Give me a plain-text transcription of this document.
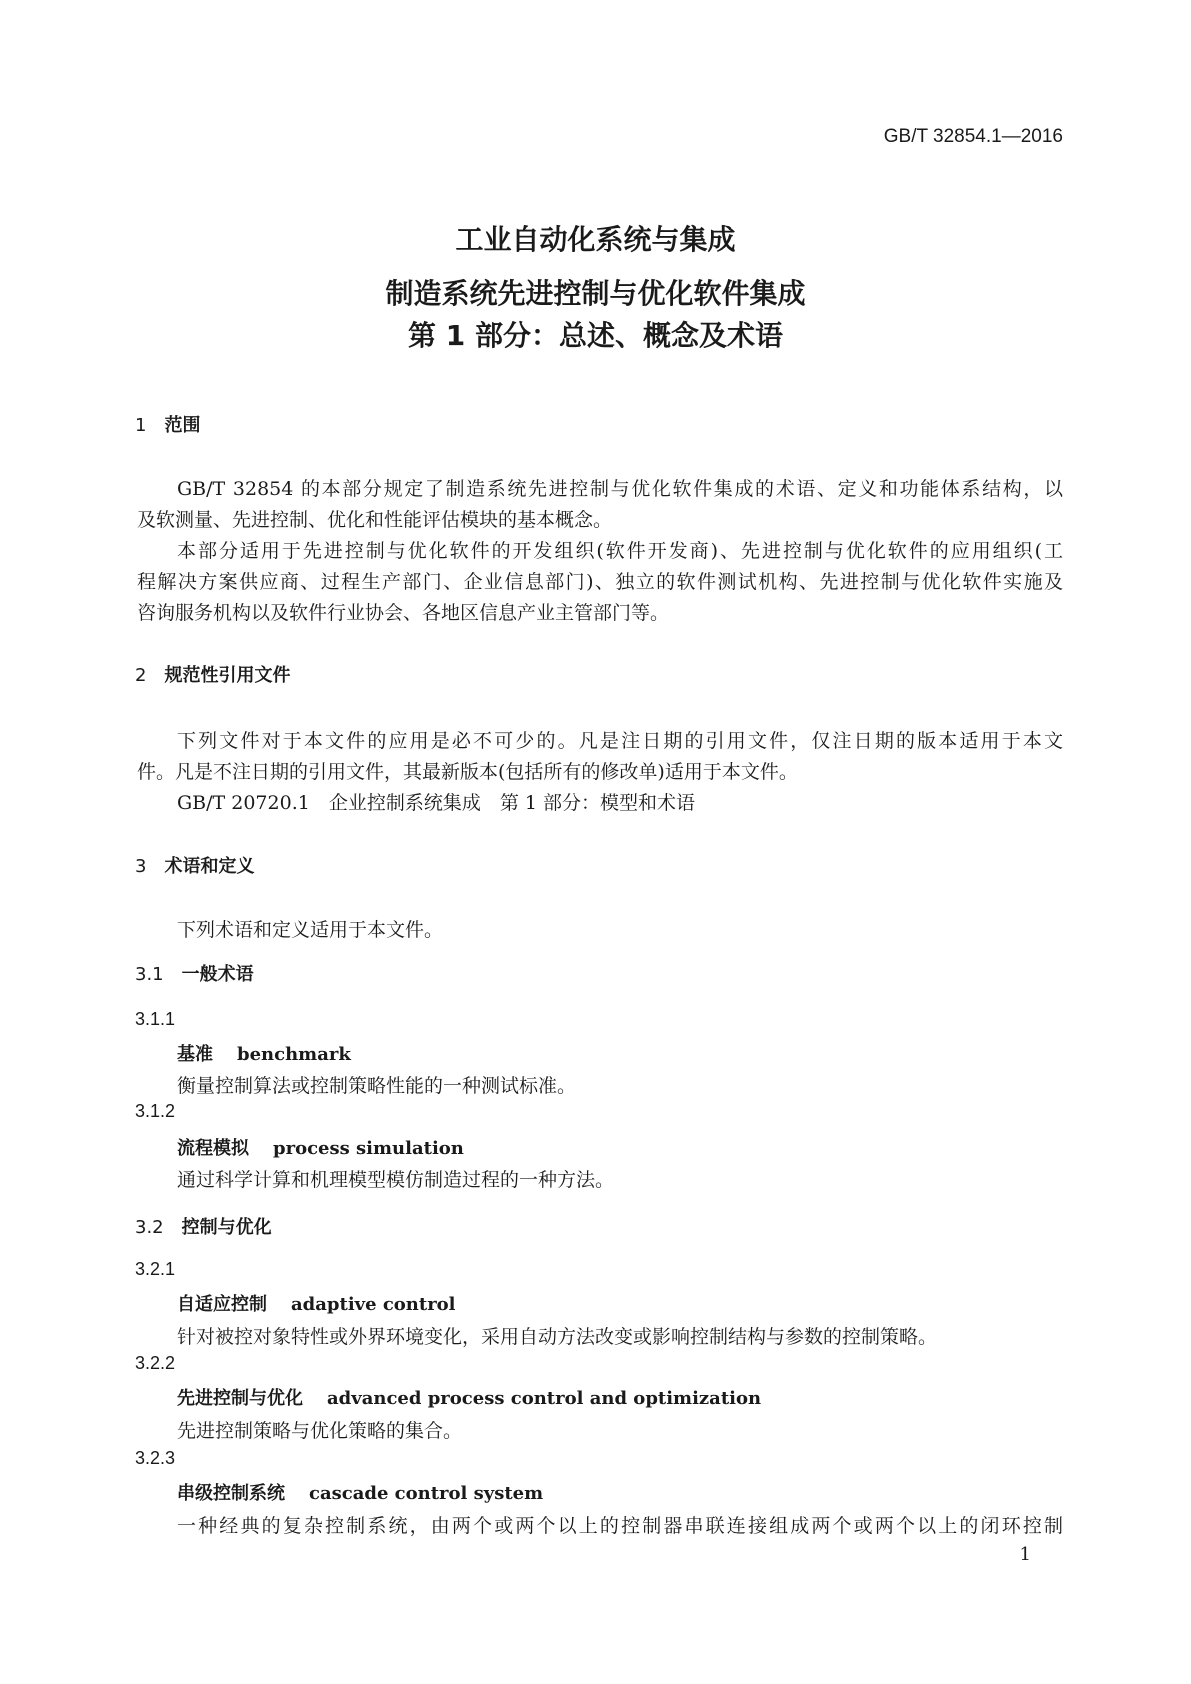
GB/T 32854.1—2016
工业自动化系统与集成
制造系统先进控制与优化软件集成
第 1 部分：总述、概念及术语
1 范围
GB/T 32854 的本部分规定了制造系统先进控制与优化软件集成的术语、定义和功能体系结构，以
及软测量、先进控制、优化和性能评估模块的基本概念。
本部分适用于先进控制与优化软件的开发组织(软件开发商)、先进控制与优化软件的应用组织(工
程解决方案供应商、过程生产部门、企业信息部门)、独立的软件测试机构、先进控制与优化软件实施及
咨询服务机构以及软件行业协会、各地区信息产业主管部门等。
2 规范性引用文件
下列文件对于本文件的应用是必不可少的。凡是注日期的引用文件，仅注日期的版本适用于本文
件。凡是不注日期的引用文件，其最新版本(包括所有的修改单)适用于本文件。
GB/T 20720.1　企业控制系统集成　第 1 部分：模型和术语
3 术语和定义
下列术语和定义适用于本文件。
3.1 一般术语
3.1.1
基准 benchmark
衡量控制算法或控制策略性能的一种测试标准。
3.1.2
流程模拟 process simulation
通过科学计算和机理模型模仿制造过程的一种方法。
3.2 控制与优化
3.2.1
自适应控制 adaptive control
针对被控对象特性或外界环境变化，采用自动方法改变或影响控制结构与参数的控制策略。
3.2.2
先进控制与优化 advanced process control and optimization
先进控制策略与优化策略的集合。
3.2.3
串级控制系统 cascade control system
一种经典的复杂控制系统，由两个或两个以上的控制器串联连接组成两个或两个以上的闭环控制
1
